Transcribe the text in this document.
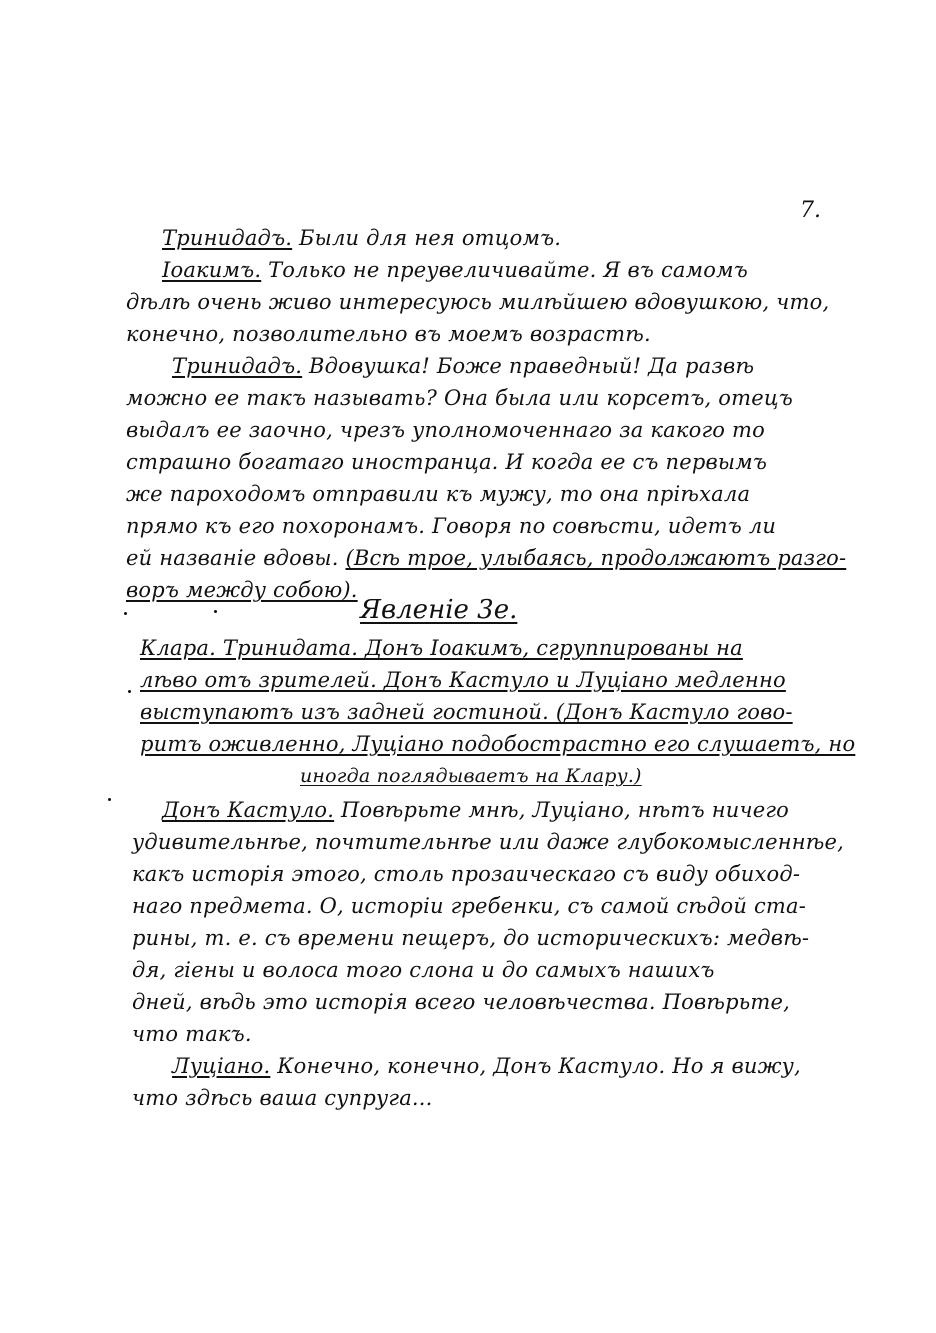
7.
Тринидадъ. Были для нея отцомъ.
Іоакимъ. Только не преувеличивайте. Я въ самомъ
дѣлѣ очень живо интересуюсь милѣйшею вдовушкою, что,
конечно, позволительно въ моемъ возрастѣ.
Тринидадъ. Вдовушка! Боже праведный! Да развѣ
можно ее такъ называть? Она была или корсетъ, отецъ
выдалъ ее заочно, чрезъ уполномоченнаго за какого то
страшно богатаго иностранца. И когда ее съ первымъ
же пароходомъ отправили къ мужу, то она пріѣхала
прямо къ его похоронамъ. Говоря по совѣсти, идетъ ли
ей названіе вдовы. (Всѣ трое, улыбаясь, продолжаютъ разго-
воръ между собою).
Явленіе 3е.
Клара. Тринидата. Донъ Іоакимъ, сгруппированы на
лѣво отъ зрителей. Донъ Кастуло и Луціано медленно
выступаютъ изъ задней гостиной. (Донъ Кастуло гово-
ритъ оживленно, Луціано подобострастно его слушаетъ, но
иногда поглядываетъ на Клару.)
Донъ Кастуло. Повѣрьте мнѣ, Луціано, нѣтъ ничего
удивительнѣе, почтительнѣе или даже глубокомысленнѣе,
какъ исторія этого, столь прозаическаго съ виду обиход-
наго предмета. О, исторіи гребенки, съ самой сѣдой ста-
рины, т. е. съ времени пещеръ, до историческихъ: медвѣ-
дя, гіены и волоса того слона и до самыхъ нашихъ
дней, вѣдь это исторія всего человѣчества. Повѣрьте,
что такъ.
Луціано. Конечно, конечно, Донъ Кастуло. Но я вижу,
что здѣсь ваша супруга...
